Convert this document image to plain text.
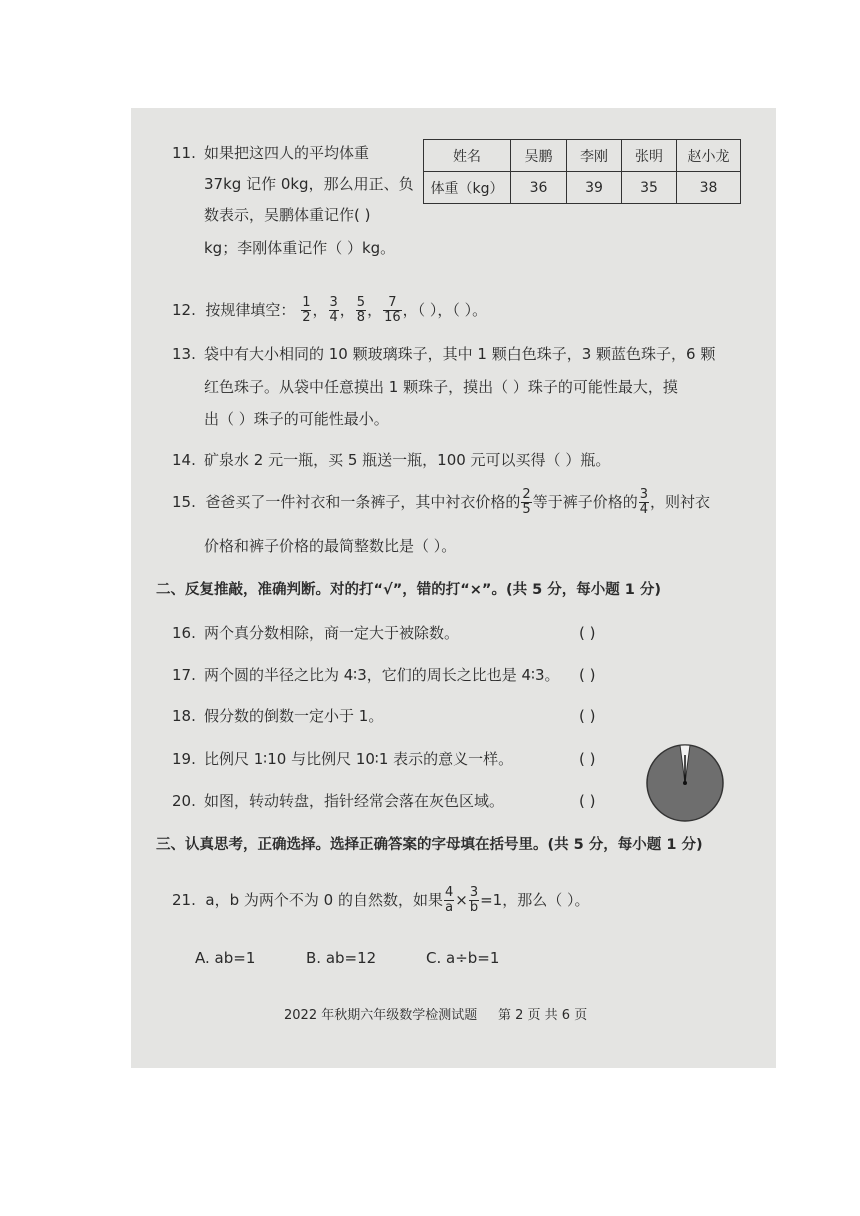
11. 如果把这四人的平均体重
37kg 记作 0kg，那么用正、负
数表示，吴鹏体重记作( )
kg；李刚体重记作（ ）kg。
姓名	吴鹏	李刚	张明	赵小龙
体重（kg）	36	39	35	38
12. 按规律填空： $\frac{1}{2}$ ， $\frac{3}{4}$ ， $\frac{5}{8}$ ， $\frac{7}{16}$ ，（ ），（ ）。
13. 袋中有大小相同的 10 颗玻璃珠子，其中 1 颗白色珠子，3 颗蓝色珠子，6 颗
红色珠子。从袋中任意摸出 1 颗珠子，摸出（ ）珠子的可能性最大，摸
出（ ）珠子的可能性最小。
14. 矿泉水 2 元一瓶，买 5 瓶送一瓶，100 元可以买得（ ）瓶。
15. 爸爸买了一件衬衣和一条裤子，其中衬衣价格的 $\frac{2}{5}$ 等于裤子价格的 $\frac{3}{4}$ ，则衬衣
价格和裤子价格的最简整数比是（ ）。
二、反复推敲，准确判断。对的打“√”，错的打“×”。(共 5 分，每小题 1 分)
16. 两个真分数相除，商一定大于被除数。	( )
17. 两个圆的半径之比为 4∶3，它们的周长之比也是 4∶3。 ( )
18. 假分数的倒数一定小于 1。	( )
19. 比例尺 1∶10 与比例尺 10∶1 表示的意义一样。	( )
20. 如图，转动转盘，指针经常会落在灰色区域。	( )
三、认真思考，正确选择。选择正确答案的字母填在括号里。(共 5 分，每小题 1 分)
21. a，b 为两个不为 0 的自然数，如果 $\frac{4}{a} \times \frac{3}{b} =1$，那么（ ）。
A. ab=1	B. ab=12	C. a÷b=1
2022 年秋期六年级数学检测试题 第 2 页 共 6 页
